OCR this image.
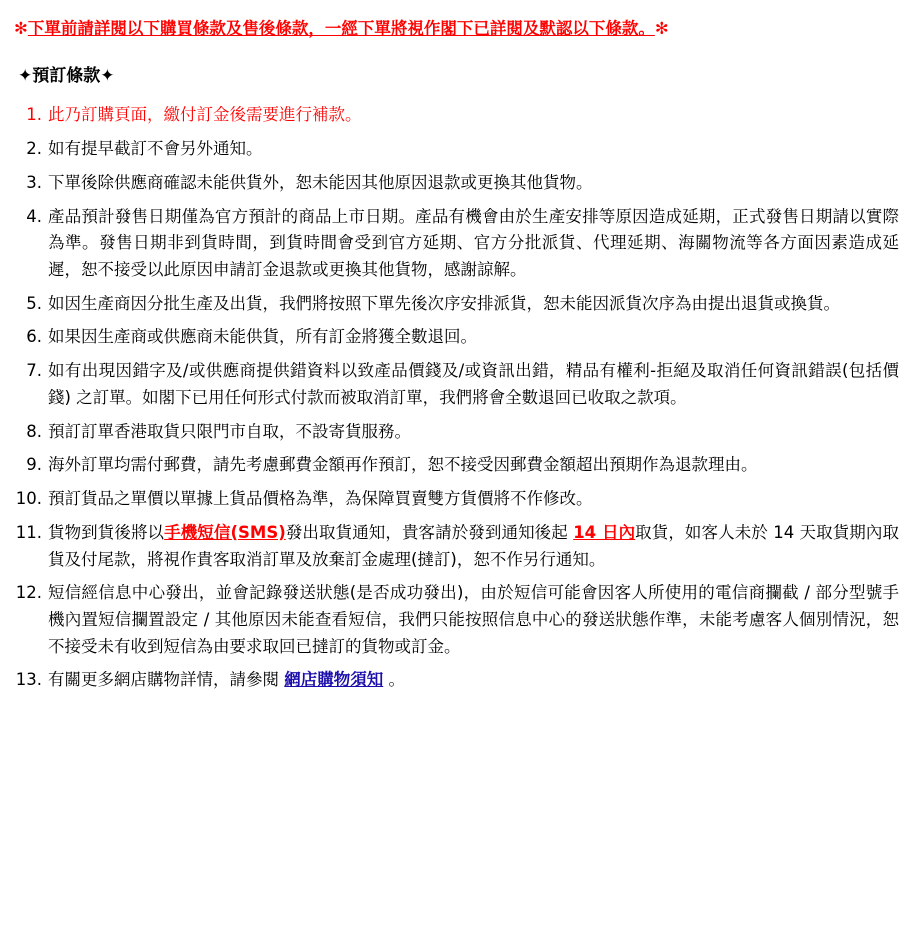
✻下單前請詳閱以下購買條款及售後條款，一經下單將視作閣下已詳閱及默認以下條款。✻
✦預訂條款✦
1. 此乃訂購頁面，繳付訂金後需要進行補款。
2. 如有提早截訂不會另外通知。
3. 下單後除供應商確認未能供貨外，恕未能因其他原因退款或更換其他貨物。
4. 產品預計發售日期僅為官方預計的商品上市日期。產品有機會由於生產安排等原因造成延期，正式發售日期請以實際為準。發售日期非到貨時間，到貨時間會受到官方延期、官方分批派貨、代理延期、海關物流等各方面因素造成延遲，恕不接受以此原因申請訂金退款或更換其他貨物，感謝諒解。
5. 如因生產商因分批生產及出貨，我們將按照下單先後次序安排派貨，恕未能因派貨次序為由提出退貨或換貨。
6. 如果因生產商或供應商未能供貨，所有訂金將獲全數退回。
7. 如有出現因錯字及/或供應商提供錯資料以致產品價錢及/或資訊出錯，精品有權利-拒絕及取消任何資訊錯誤(包括價錢) 之訂單。如閣下已用任何形式付款而被取消訂單，我們將會全數退回已收取之款項。
8. 預訂訂單香港取貨只限門市自取，不設寄貨服務。
9. 海外訂單均需付郵費，請先考慮郵費金額再作預訂，恕不接受因郵費金額超出預期作為退款理由。
10. 預訂貨品之單價以單據上貨品價格為準，為保障買賣雙方貨價將不作修改。
11. 貨物到貨後將以手機短信(SMS)發出取貨通知，貴客請於發到通知後起 14 日內取貨，如客人未於 14 天取貨期內取貨及付尾款，將視作貴客取消訂單及放棄訂金處理(撻訂)，恕不作另行通知。
12. 短信經信息中心發出，並會記錄發送狀態(是否成功發出)，由於短信可能會因客人所使用的電信商攔截 / 部分型號手機內置短信攔置設定 / 其他原因未能查看短信，我們只能按照信息中心的發送狀態作準，未能考慮客人個別情況，恕不接受未有收到短信為由要求取回已撻訂的貨物或訂金。
13. 有關更多網店購物詳情，請參閱 網店購物須知 。
